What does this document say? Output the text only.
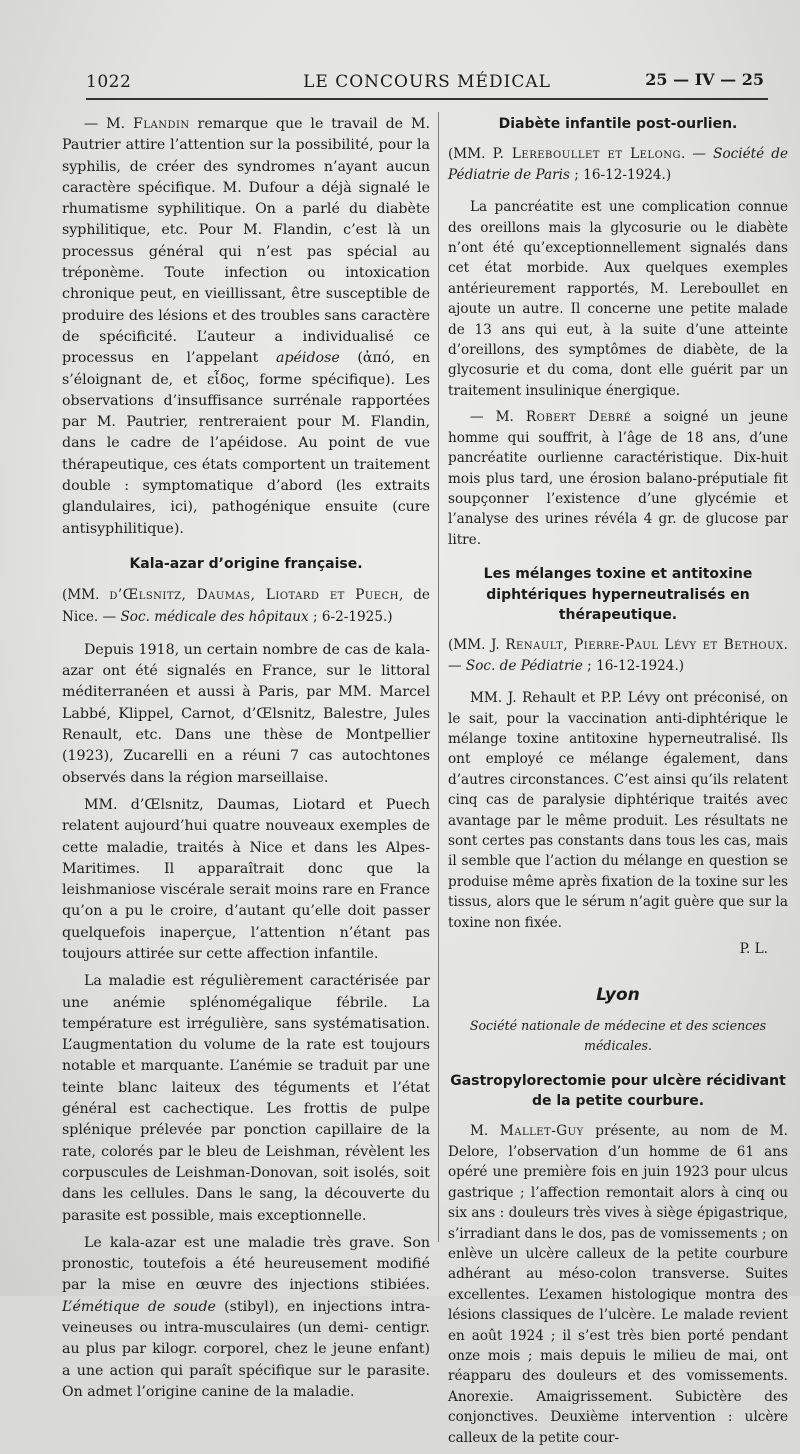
1022	LE CONCOURS MÉDICAL	25 — IV — 25

— M. Flandin remarque que le travail de M. Pautrier attire l’attention sur la possibilité, pour la syphilis, de créer des syndromes n’ayant aucun caractère spécifique. M. Dufour a déjà signalé le rhumatisme syphilitique. On a parlé du diabète syphilitique, etc. Pour M. Flandin, c’est là un processus général qui n’est pas spécial au tréponème. Toute infection ou intoxication chronique peut, en vieillissant, être susceptible de produire des lésions et des troubles sans caractère de spécificité. L’auteur a individualisé ce processus en l’appelant apéidose (ἀπό, en s’éloignant de, et εἶδος, forme spécifique). Les observations d’insuffisance surrénale rapportées par M. Pautrier, rentreraient pour M. Flandin, dans le cadre de l’apéidose. Au point de vue thérapeutique, ces états comportent un traitement double : symptomatique d’abord (les extraits glandulaires, ici), pathogénique ensuite (cure antisyphilitique).

Kala-azar d’origine française.

(MM. d’Œlsnitz, Daumas, Liotard et Puech, de Nice. — Soc. médicale des hôpitaux ; 6-2-1925.)

Depuis 1918, un certain nombre de cas de kala-azar ont été signalés en France, sur le littoral méditerranéen et aussi à Paris, par MM. Marcel Labbé, Klippel, Carnot, d’Œlsnitz, Balestre, Jules Renault, etc. Dans une thèse de Montpellier (1923), Zucarelli en a réuni 7 cas autochtones observés dans la région marseillaise.

MM. d’Œlsnitz, Daumas, Liotard et Puech relatent aujourd’hui quatre nouveaux exemples de cette maladie, traités à Nice et dans les Alpes-Maritimes. Il apparaîtrait donc que la leishmaniose viscérale serait moins rare en France qu’on a pu le croire, d’autant qu’elle doit passer quelquefois inaperçue, l’attention n’étant pas toujours attirée sur cette affection infantile.

La maladie est régulièrement caractérisée par une anémie splénomégalique fébrile. La température est irrégulière, sans systématisation. L’augmentation du volume de la rate est toujours notable et marquante. L’anémie se traduit par une teinte blanc laiteux des téguments et l’état général est cachectique. Les frottis de pulpe splénique prélevée par ponction capillaire de la rate, colorés par le bleu de Leishman, révèlent les corpuscules de Leishman-Donovan, soit isolés, soit dans les cellules. Dans le sang, la découverte du parasite est possible, mais exceptionnelle.

Le kala-azar est une maladie très grave. Son pronostic, toutefois a été heureusement modifié par la mise en œuvre des injections stibiées. L’émétique de soude (stibyl), en injections intra-veineuses ou intra-musculaires (un demi- centigr. au plus par kilogr. corporel, chez le jeune enfant) a une action qui paraît spécifique sur le parasite. On admet l’origine canine de la maladie.

Diabète infantile post-ourlien.

(MM. P. Lereboullet et Lelong. — Société de Pédiatrie de Paris ; 16-12-1924.)

La pancréatite est une complication connue des oreillons mais la glycosurie ou le diabète n’ont été qu’exceptionnellement signalés dans cet état morbide. Aux quelques exemples antérieurement rapportés, M. Lereboullet en ajoute un autre. Il concerne une petite malade de 13 ans qui eut, à la suite d’une atteinte d’oreillons, des symptômes de diabète, de la glycosurie et du coma, dont elle guérit par un traitement insulinique énergique.

— M. Robert Debré a soigné un jeune homme qui souffrit, à l’âge de 18 ans, d’une pancréatite ourlienne caractéristique. Dix-huit mois plus tard, une érosion balano-préputiale fit soupçonner l’existence d’une glycémie et l’analyse des urines révéla 4 gr. de glucose par litre.

Les mélanges toxine et antitoxine diphtériques hyperneutralisés en thérapeutique.

(MM. J. Renault, Pierre-Paul Lévy et Bethoux. — Soc. de Pédiatrie ; 16-12-1924.)

MM. J. Rehault et P.P. Lévy ont préconisé, on le sait, pour la vaccination anti-diphtérique le mélange toxine antitoxine hyperneutralisé. Ils ont employé ce mélange également, dans d’autres circonstances. C’est ainsi qu’ils relatent cinq cas de paralysie diphtérique traités avec avantage par le même produit. Les résultats ne sont certes pas constants dans tous les cas, mais il semble que l’action du mélange en question se produise même après fixation de la toxine sur les tissus, alors que le sérum n’agit guère que sur la toxine non fixée.

P. L.

Lyon
Société nationale de médecine et des sciences médicales.
Gastropylorectomie pour ulcère récidivant de la petite courbure.

M. Mallet-Guy présente, au nom de M. Delore, l’observation d’un homme de 61 ans opéré une première fois en juin 1923 pour ulcus gastrique ; l’affection remontait alors à cinq ou six ans : douleurs très vives à siège épigastrique, s’irradiant dans le dos, pas de vomissements ; on enlève un ulcère calleux de la petite courbure adhérant au méso-colon transverse. Suites excellentes. L’examen histologique montra des lésions classiques de l’ulcère. Le malade revient en août 1924 ; il s’est très bien porté pendant onze mois ; mais depuis le milieu de mai, ont réapparu des douleurs et des vomissements. Anorexie. Amaigrissement. Subictère des conjonctives. Deuxième intervention : ulcère calleux de la petite cour-
